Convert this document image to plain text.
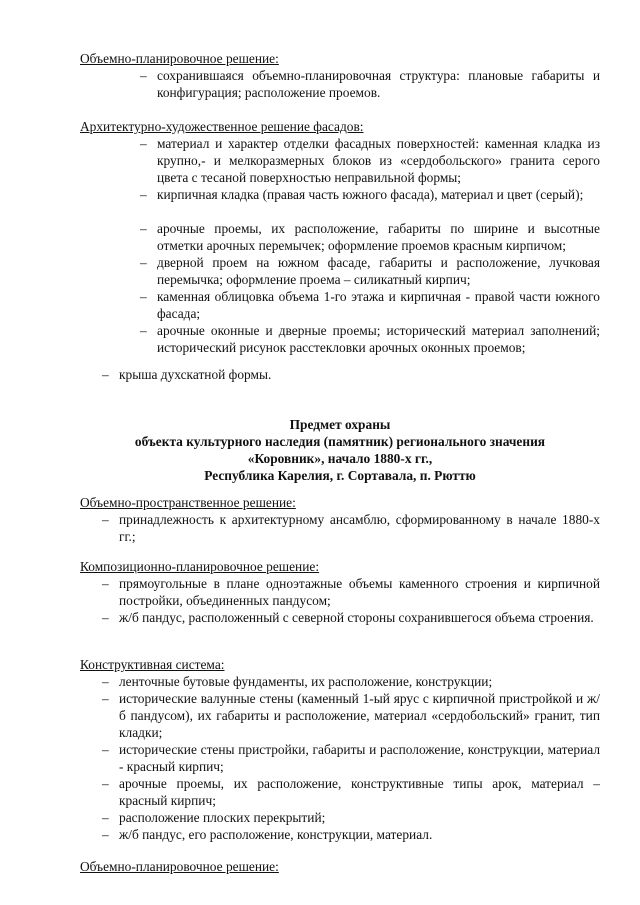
Объемно-планировочное решение:
– сохранившаяся объемно-планировочная структура: плановые габариты и конфигурация; расположение проемов.
Архитектурно-художественное решение фасадов:
– материал и характер отделки фасадных поверхностей: каменная кладка из крупно,- и мелкоразмерных блоков из «сердобольского» гранита серого цвета с тесаной поверхностью неправильной формы;
– кирпичная кладка (правая часть южного фасада), материал и цвет (серый);
– арочные проемы, их расположение, габариты по ширине и высотные отметки арочных перемычек; оформление проемов красным кирпичом;
– дверной проем на южном фасаде, габариты и расположение, лучковая перемычка; оформление проема – силикатный кирпич;
– каменная облицовка объема 1-го этажа и кирпичная - правой части южного фасада;
– арочные оконные и дверные проемы; исторический материал заполнений; исторический рисунок расстекловки арочных оконных проемов;
– крыша духскатной формы.
Предмет охраны
объекта культурного наследия (памятник) регионального значения
«Коровник», начало 1880-х гг.,
Республика Карелия, г. Сортавала, п. Рюттю
Объемно-пространственное решение:
– принадлежность к архитектурному ансамблю, сформированному в начале 1880-х гг.;
Композиционно-планировочное решение:
– прямоугольные в плане одноэтажные объемы каменного строения и кирпичной постройки, объединенных пандусом;
– ж/б пандус, расположенный с северной стороны сохранившегося объема строения.
Конструктивная система:
– ленточные бутовые фундаменты, их расположение, конструкции;
– исторические валунные стены (каменный 1-ый ярус с кирпичной пристройкой и ж/б пандусом), их габариты и расположение, материал «сердобольский» гранит, тип кладки;
– исторические стены пристройки, габариты и расположение, конструкции, материал - красный кирпич;
– арочные проемы, их расположение, конструктивные типы арок, материал – красный кирпич;
– расположение плоских перекрытий;
– ж/б пандус, его расположение, конструкции, материал.
Объемно-планировочное решение:
